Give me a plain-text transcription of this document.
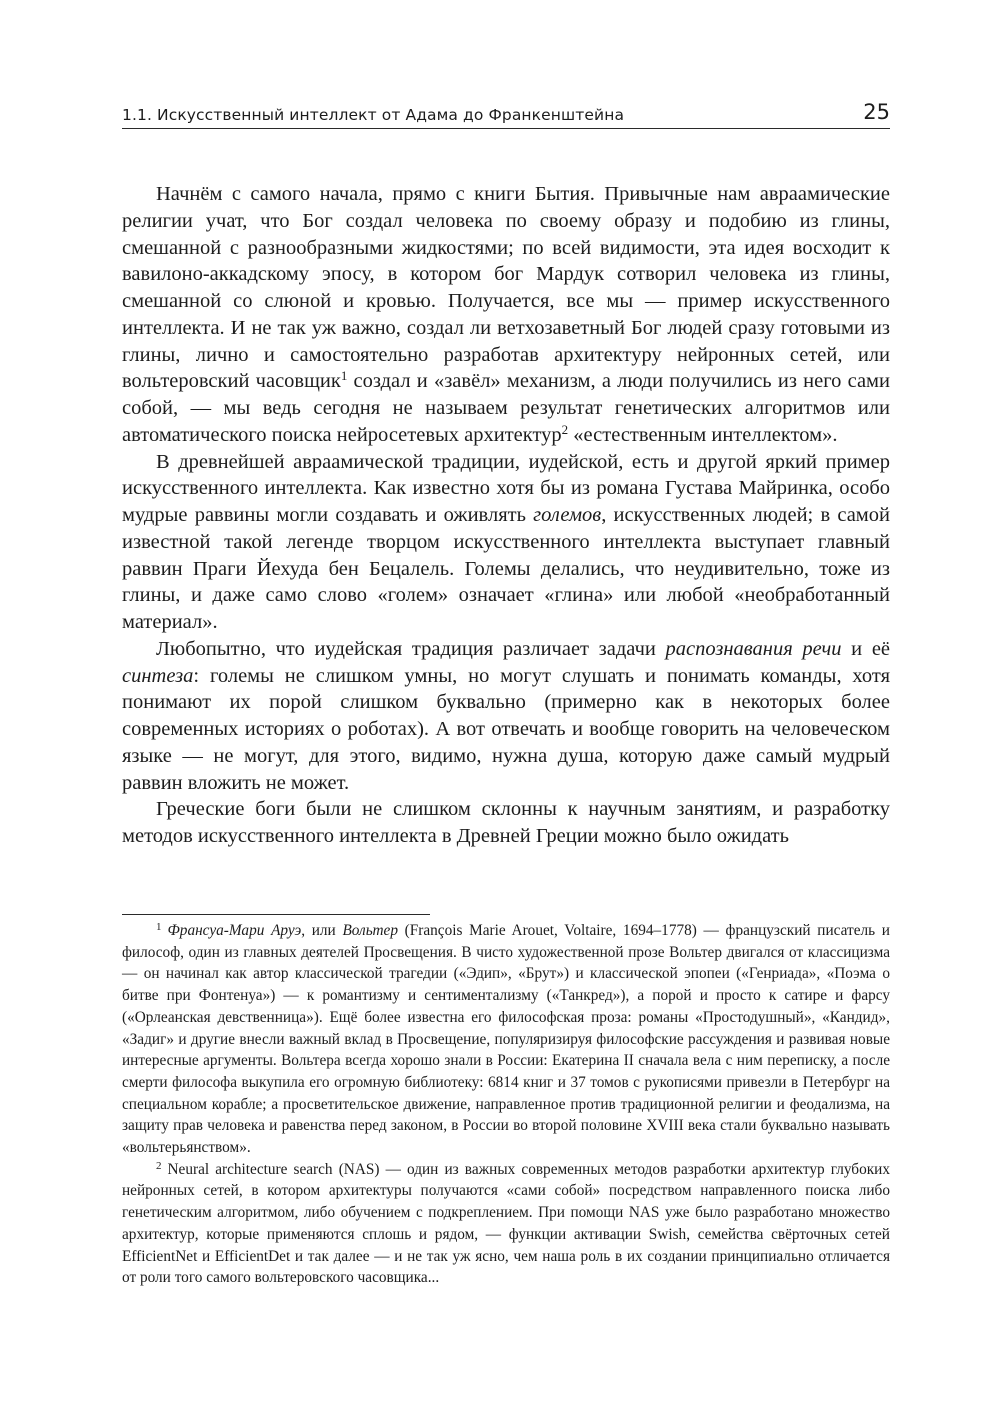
1.1. Искусственный интеллект от Адама до Франкенштейна	25

Начнём с самого начала, прямо с книги Бытия. Привычные нам авраамические религии учат, что Бог создал человека по своему образу и подобию из глины, смешанной с разнообразными жидкостями; по всей видимости, эта идея восходит к вавилоно-аккадскому эпосу, в котором бог Мардук сотворил человека из глины, смешанной со слюной и кровью. Получается, все мы — пример искусственного интеллекта. И не так уж важно, создал ли ветхозаветный Бог людей сразу готовыми из глины, лично и самостоятельно разработав архитектуру нейронных сетей, или вольтеровский часовщик$^1$ создал и «завёл» механизм, а люди получились из него сами собой, — мы ведь сегодня не называем результат генетических алгоритмов или автоматического поиска нейросетевых архитектур$^2$ «естественным интеллектом».

В древнейшей авраамической традиции, иудейской, есть и другой яркий пример искусственного интеллекта. Как известно хотя бы из романа Густава Майринка, особо мудрые раввины могли создавать и оживлять големов, искусственных людей; в самой известной такой легенде творцом искусственного интеллекта выступает главный раввин Праги Йехуда бен Бецалель. Големы делались, что неудивительно, тоже из глины, и даже само слово «голем» означает «глина» или любой «необработанный материал».

Любопытно, что иудейская традиция различает задачи распознавания речи и её синтеза: големы не слишком умны, но могут слушать и понимать команды, хотя понимают их порой слишком буквально (примерно как в некоторых более современных историях о роботах). А вот отвечать и вообще говорить на человеческом языке — не могут, для этого, видимо, нужна душа, которую даже самый мудрый раввин вложить не может.

Греческие боги были не слишком склонны к научным занятиям, и разработку методов искусственного интеллекта в Древней Греции можно было ожидать

$^1$ Франсуа-Мари Аруэ, или Вольтер (François Marie Arouet, Voltaire, 1694–1778) — французский писатель и философ, один из главных деятелей Просвещения. В чисто художественной прозе Вольтер двигался от классицизма — он начинал как автор классической трагедии («Эдип», «Брут») и классической эпопеи («Генриада», «Поэма о битве при Фонтенуа») — к романтизму и сентиментализму («Танкред»), а порой и просто к сатире и фарсу («Орлеанская девственница»). Ещё более известна его философская проза: романы «Простодушный», «Кандид», «Задиг» и другие внесли важный вклад в Просвещение, популяризируя философские рассуждения и развивая новые интересные аргументы. Вольтера всегда хорошо знали в России: Екатерина II сначала вела с ним переписку, а после смерти философа выкупила его огромную библиотеку: 6814 книг и 37 томов с рукописями привезли в Петербург на специальном корабле; а просветительское движение, направленное против традиционной религии и феодализма, на защиту прав человека и равенства перед законом, в России во второй половине XVIII века стали буквально называть «вольтерьянством».

$^2$ Neural architecture search (NAS) — один из важных современных методов разработки архитектур глубоких нейронных сетей, в котором архитектуры получаются «сами собой» посредством направленного поиска либо генетическим алгоритмом, либо обучением с подкреплением. При помощи NAS уже было разработано множество архитектур, которые применяются сплошь и рядом, — функции активации Swish, семейства свёрточных сетей EfficientNet и EfficientDet и так далее — и не так уж ясно, чем наша роль в их создании принципиально отличается от роли того самого вольтеровского часовщика...
